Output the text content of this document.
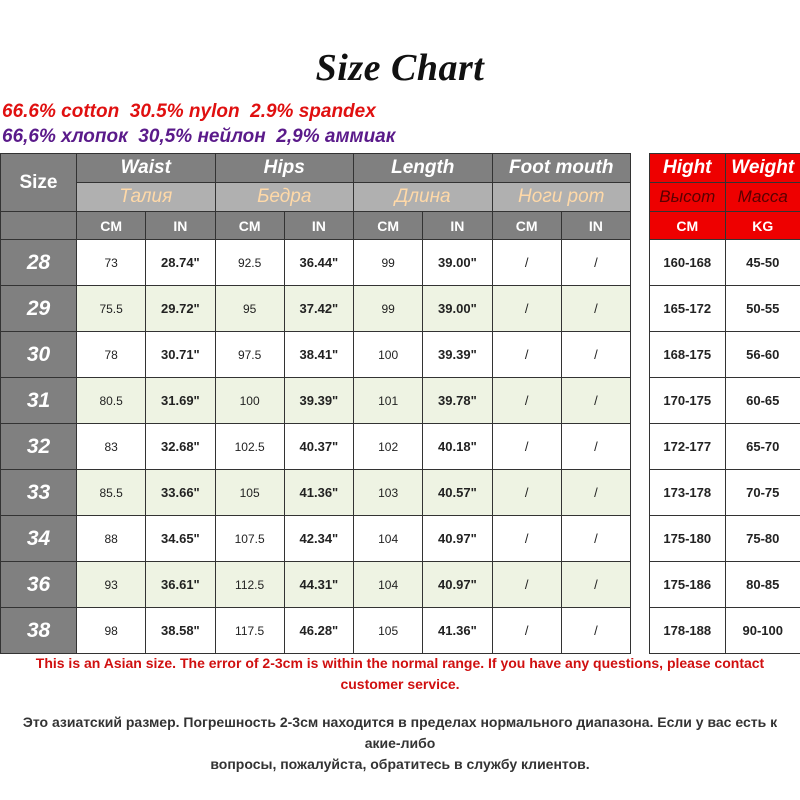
Size Chart
66.6% cotton  30.5% nylon  2.9% spandex
66,6% хлопок  30,5% нейлон  2,9% аммиак
Size	Waist		Hips		Length		Foot mouth	
	Талия		Бедра		Длина		Ноги рот	
	CM	IN	CM	IN	CM	IN	CM	IN
28	73	28.74"	92.5	36.44"	99	39.00"	/	/
29	75.5	29.72"	95	37.42"	99	39.00"	/	/
30	78	30.71"	97.5	38.41"	100	39.39"	/	/
31	80.5	31.69"	100	39.39"	101	39.78"	/	/
32	83	32.68"	102.5	40.37"	102	40.18"	/	/
33	85.5	33.66"	105	41.36"	103	40.57"	/	/
34	88	34.65"	107.5	42.34"	104	40.97"	/	/
36	93	36.61"	112.5	44.31"	104	40.97"	/	/
38	98	38.58"	117.5	46.28"	105	41.36"	/	/
Hight	Weight
Высот	Масса
CM	KG
160-168	45-50
165-172	50-55
168-175	56-60
170-175	60-65
172-177	65-70
173-178	70-75
175-180	75-80
175-186	80-85
178-188	90-100
This is an Asian size. The error of 2-3cm is within the normal range. If you have any questions, please contact
customer service.
Это азиатский размер. Погрешность 2-3см находится в пределах нормального диапазона. Если у вас есть к
акие-либо
вопросы, пожалуйста, обратитесь в службу клиентов.
